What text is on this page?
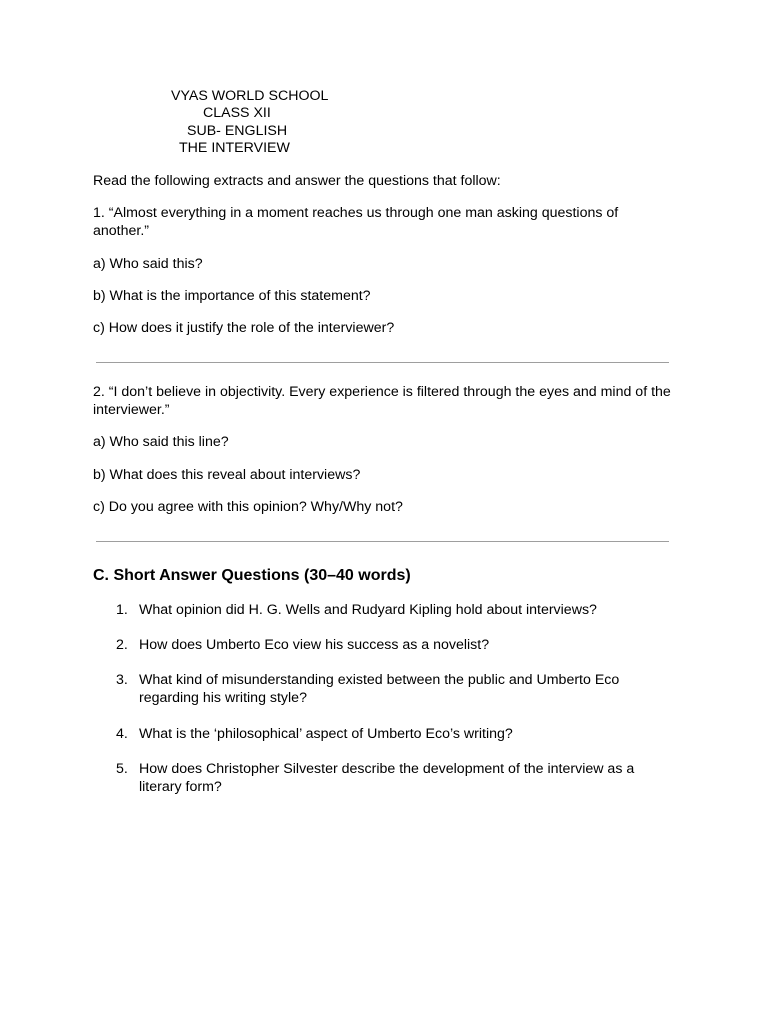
VYAS WORLD SCHOOL
CLASS XII
SUB- ENGLISH
THE INTERVIEW

Read the following extracts and answer the questions that follow:

1. “Almost everything in a moment reaches us through one man asking questions of another.”

a) Who said this?

b) What is the importance of this statement?

c) How does it justify the role of the interviewer?

2. “I don’t believe in objectivity. Every experience is filtered through the eyes and mind of the interviewer.”

a) Who said this line?

b) What does this reveal about interviews?

c) Do you agree with this opinion? Why/Why not?

C. Short Answer Questions (30–40 words)
1. What opinion did H. G. Wells and Rudyard Kipling hold about interviews?
2. How does Umberto Eco view his success as a novelist?
3. What kind of misunderstanding existed between the public and Umberto Eco regarding his writing style?
4. What is the ‘philosophical’ aspect of Umberto Eco’s writing?
5. How does Christopher Silvester describe the development of the interview as a literary form?
